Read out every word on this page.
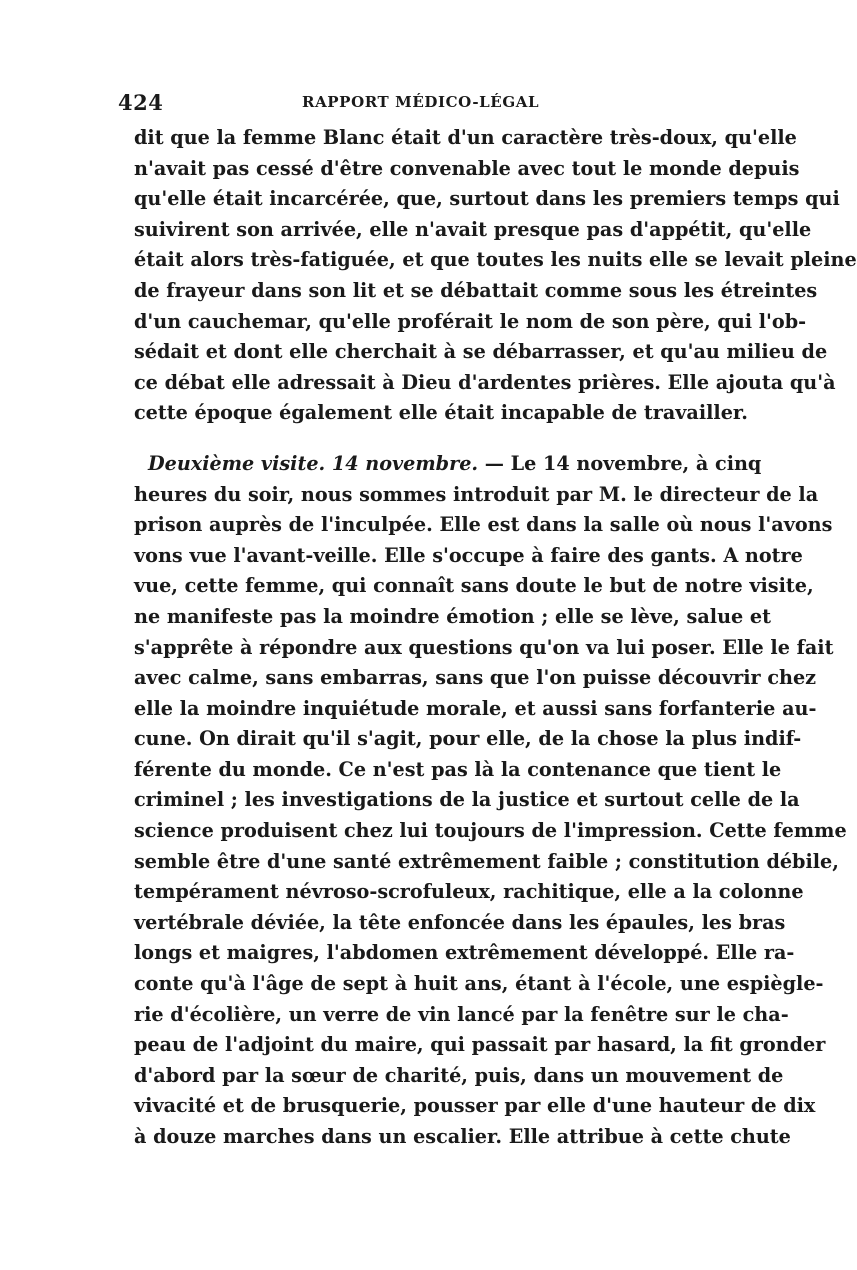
424	RAPPORT MÉDICO-LÉGAL
dit que la femme Blanc était d'un caractère très-doux, qu'elle
n'avait pas cessé d'être convenable avec tout le monde depuis
qu'elle était incarcérée, que, surtout dans les premiers temps qui
suivirent son arrivée, elle n'avait presque pas d'appétit, qu'elle
était alors très-fatiguée, et que toutes les nuits elle se levait pleine
de frayeur dans son lit et se débattait comme sous les étreintes
d'un cauchemar, qu'elle proférait le nom de son père, qui l'ob-
sédait et dont elle cherchait à se débarrasser, et qu'au milieu de
ce débat elle adressait à Dieu d'ardentes prières. Elle ajouta qu'à
cette époque également elle était incapable de travailler.
Deuxième visite. 14 novembre. — Le 14 novembre, à cinq
heures du soir, nous sommes introduit par M. le directeur de la
prison auprès de l'inculpée. Elle est dans la salle où nous l'avons
vons vue l'avant-veille. Elle s'occupe à faire des gants. A notre
vue, cette femme, qui connaît sans doute le but de notre visite,
ne manifeste pas la moindre émotion ; elle se lève, salue et
s'apprête à répondre aux questions qu'on va lui poser. Elle le fait
avec calme, sans embarras, sans que l'on puisse découvrir chez
elle la moindre inquiétude morale, et aussi sans forfanterie au-
cune. On dirait qu'il s'agit, pour elle, de la chose la plus indif-
férente du monde. Ce n'est pas là la contenance que tient le
criminel ; les investigations de la justice et surtout celle de la
science produisent chez lui toujours de l'impression. Cette femme
semble être d'une santé extrêmement faible ; constitution débile,
tempérament névroso-scrofuleux, rachitique, elle a la colonne
vertébrale déviée, la tête enfoncée dans les épaules, les bras
longs et maigres, l'abdomen extrêmement développé. Elle ra-
conte qu'à l'âge de sept à huit ans, étant à l'école, une espiègle-
rie d'écolière, un verre de vin lancé par la fenêtre sur le cha-
peau de l'adjoint du maire, qui passait par hasard, la fit gronder
d'abord par la sœur de charité, puis, dans un mouvement de
vivacité et de brusquerie, pousser par elle d'une hauteur de dix
à douze marches dans un escalier. Elle attribue à cette chute
